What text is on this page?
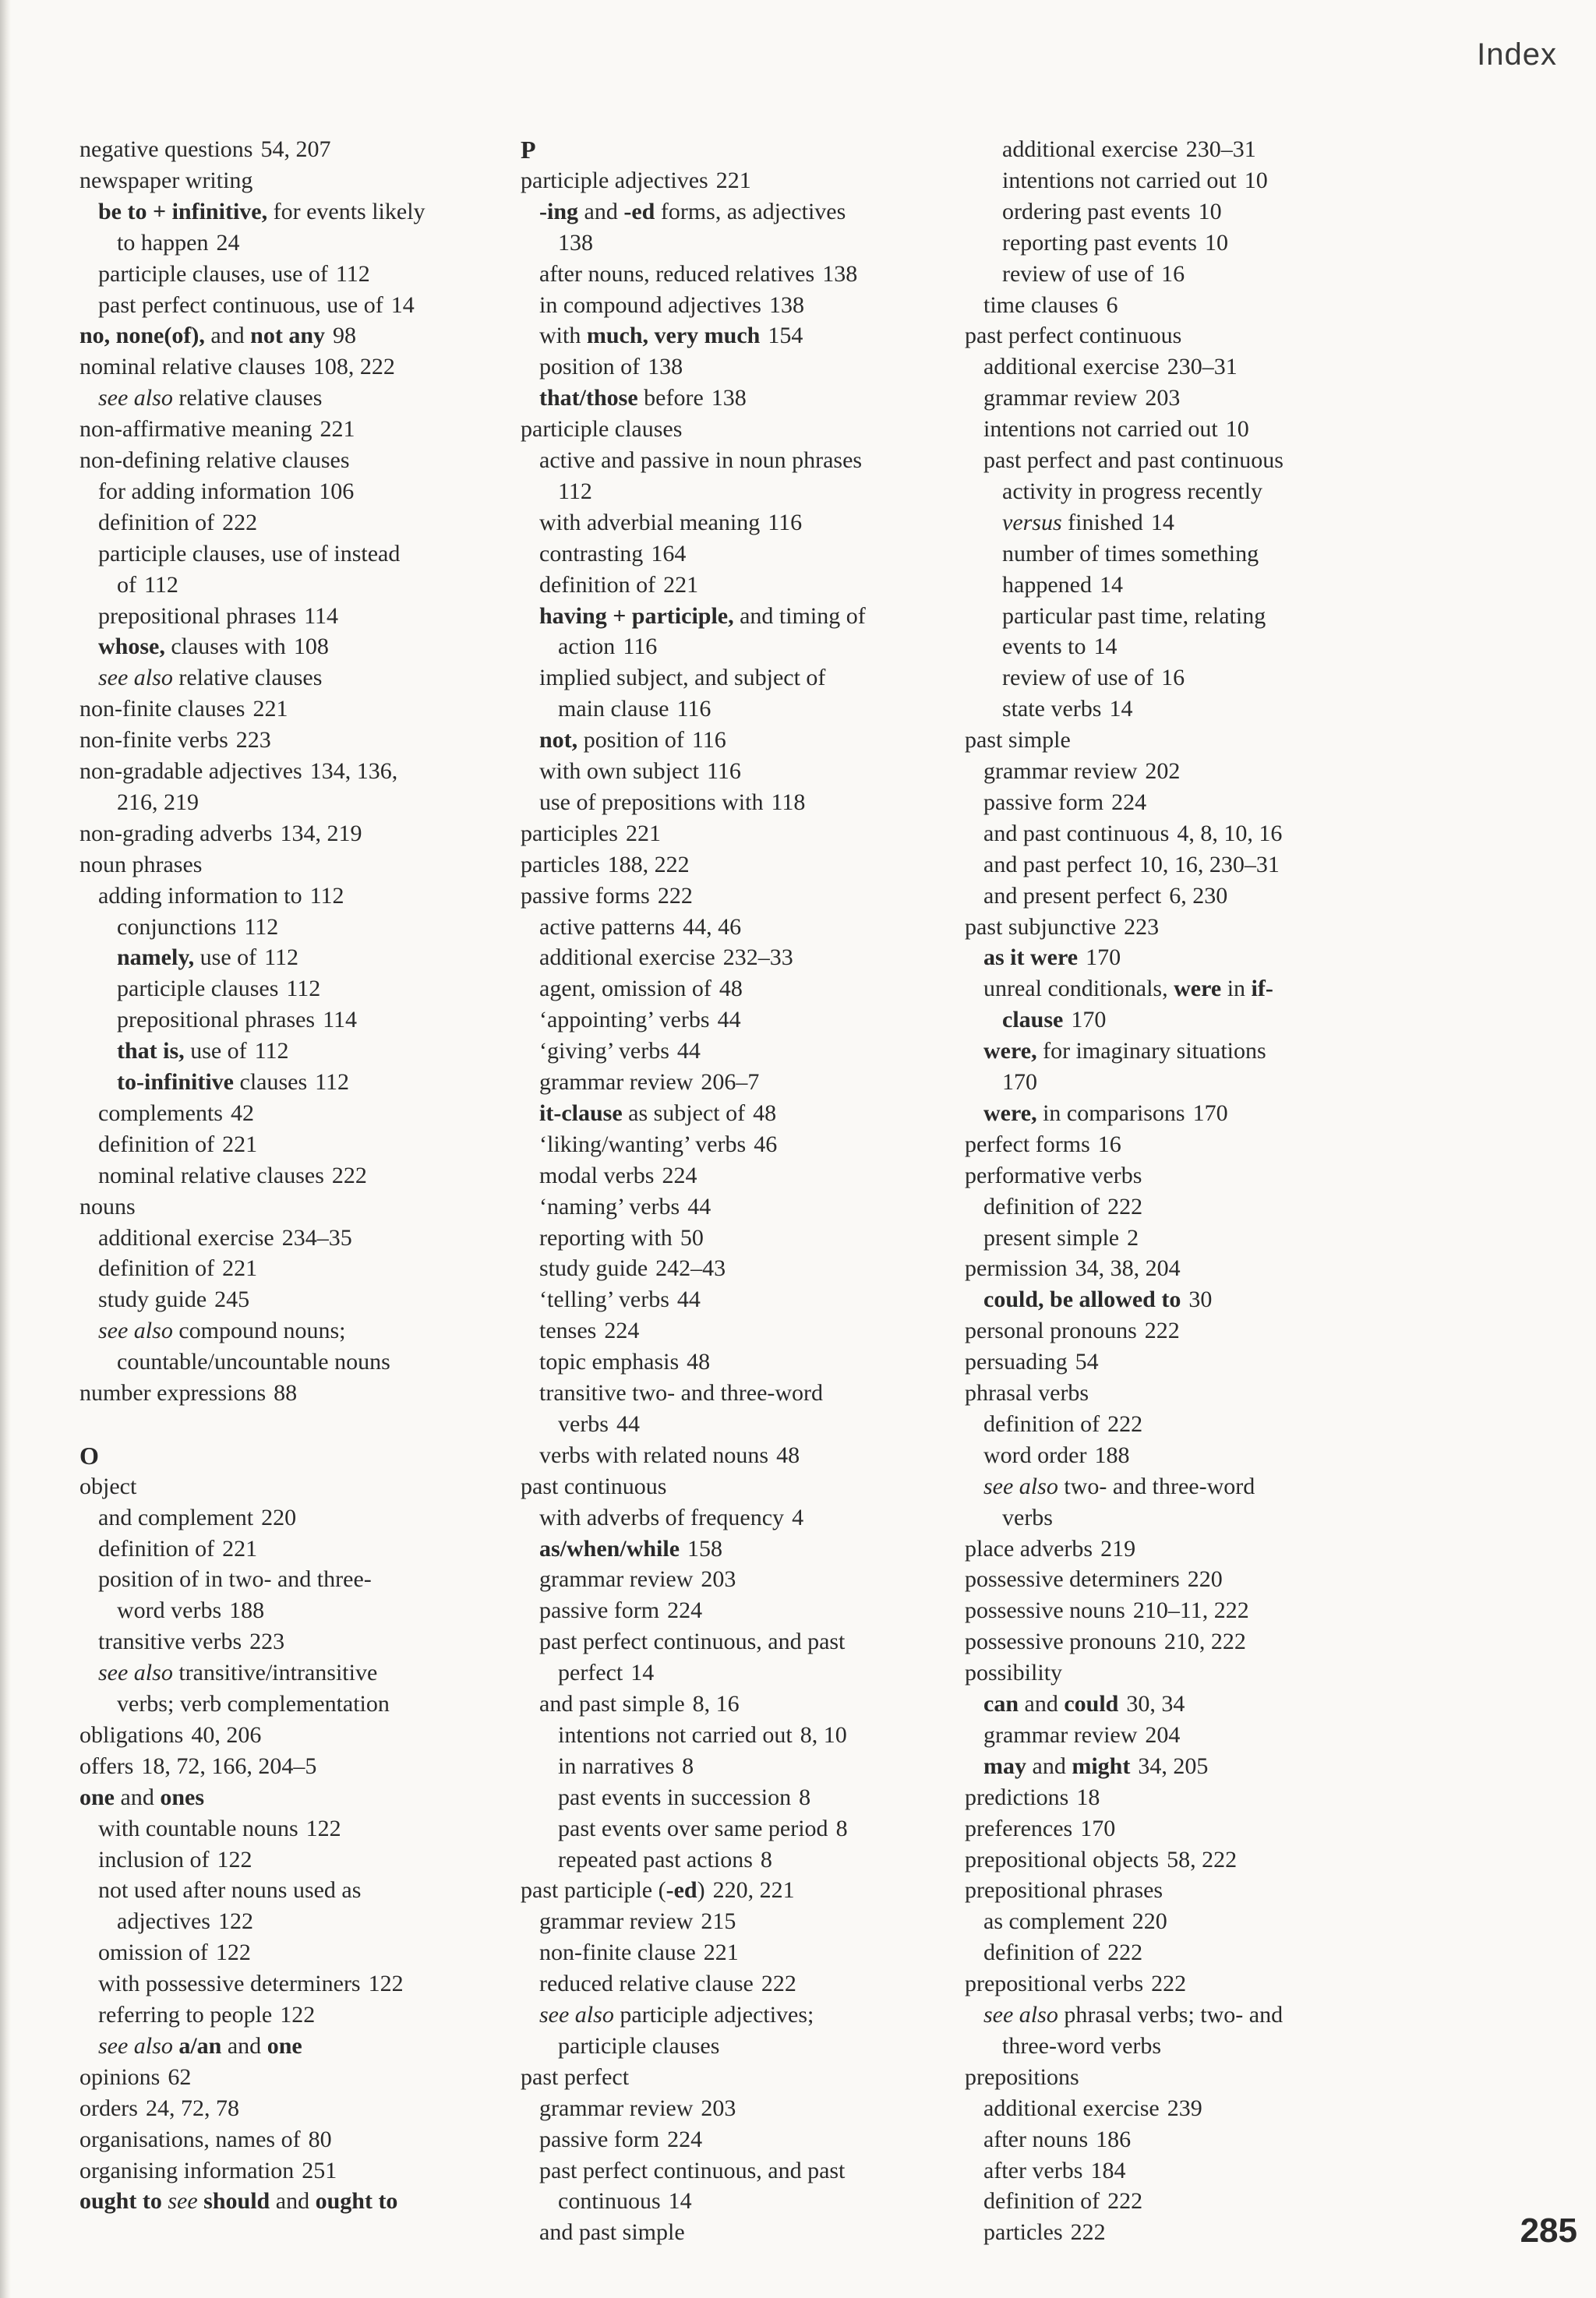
Index
negative questions 54, 207
newspaper writing
be to + infinitive, for events likely
to happen 24
participle clauses, use of 112
past perfect continuous, use of 14
no, none(of), and not any 98
nominal relative clauses 108, 222
see also relative clauses
non-affirmative meaning 221
non-defining relative clauses
for adding information 106
definition of 222
participle clauses, use of instead
of 112
prepositional phrases 114
whose, clauses with 108
see also relative clauses
non-finite clauses 221
non-finite verbs 223
non-gradable adjectives 134, 136,
216, 219
non-grading adverbs 134, 219
noun phrases
adding information to 112
conjunctions 112
namely, use of 112
participle clauses 112
prepositional phrases 114
that is, use of 112
to-infinitive clauses 112
complements 42
definition of 221
nominal relative clauses 222
nouns
additional exercise 234–35
definition of 221
study guide 245
see also compound nouns;
countable/uncountable nouns
number expressions 88
O
object
and complement 220
definition of 221
position of in two- and three-
word verbs 188
transitive verbs 223
see also transitive/intransitive
verbs; verb complementation
obligations 40, 206
offers 18, 72, 166, 204–5
one and ones
with countable nouns 122
inclusion of 122
not used after nouns used as
adjectives 122
omission of 122
with possessive determiners 122
referring to people 122
see also a/an and one
opinions 62
orders 24, 72, 78
organisations, names of 80
organising information 251
ought to see should and ought to
P
participle adjectives 221
-ing and -ed forms, as adjectives
138
after nouns, reduced relatives 138
in compound adjectives 138
with much, very much 154
position of 138
that/those before 138
participle clauses
active and passive in noun phrases
112
with adverbial meaning 116
contrasting 164
definition of 221
having + participle, and timing of
action 116
implied subject, and subject of
main clause 116
not, position of 116
with own subject 116
use of prepositions with 118
participles 221
particles 188, 222
passive forms 222
active patterns 44, 46
additional exercise 232–33
agent, omission of 48
‘appointing’ verbs 44
‘giving’ verbs 44
grammar review 206–7
it-clause as subject of 48
‘liking/wanting’ verbs 46
modal verbs 224
‘naming’ verbs 44
reporting with 50
study guide 242–43
‘telling’ verbs 44
tenses 224
topic emphasis 48
transitive two- and three-word
verbs 44
verbs with related nouns 48
past continuous
with adverbs of frequency 4
as/when/while 158
grammar review 203
passive form 224
past perfect continuous, and past
perfect 14
and past simple 8, 16
intentions not carried out 8, 10
in narratives 8
past events in succession 8
past events over same period 8
repeated past actions 8
past participle (-ed) 220, 221
grammar review 215
non-finite clause 221
reduced relative clause 222
see also participle adjectives;
participle clauses
past perfect
grammar review 203
passive form 224
past perfect continuous, and past
continuous 14
and past simple
additional exercise 230–31
intentions not carried out 10
ordering past events 10
reporting past events 10
review of use of 16
time clauses 6
past perfect continuous
additional exercise 230–31
grammar review 203
intentions not carried out 10
past perfect and past continuous
activity in progress recently
versus finished 14
number of times something
happened 14
particular past time, relating
events to 14
review of use of 16
state verbs 14
past simple
grammar review 202
passive form 224
and past continuous 4, 8, 10, 16
and past perfect 10, 16, 230–31
and present perfect 6, 230
past subjunctive 223
as it were 170
unreal conditionals, were in if-
clause 170
were, for imaginary situations
170
were, in comparisons 170
perfect forms 16
performative verbs
definition of 222
present simple 2
permission 34, 38, 204
could, be allowed to 30
personal pronouns 222
persuading 54
phrasal verbs
definition of 222
word order 188
see also two- and three-word
verbs
place adverbs 219
possessive determiners 220
possessive nouns 210–11, 222
possessive pronouns 210, 222
possibility
can and could 30, 34
grammar review 204
may and might 34, 205
predictions 18
preferences 170
prepositional objects 58, 222
prepositional phrases
as complement 220
definition of 222
prepositional verbs 222
see also phrasal verbs; two- and
three-word verbs
prepositions
additional exercise 239
after nouns 186
after verbs 184
definition of 222
particles 222	285
